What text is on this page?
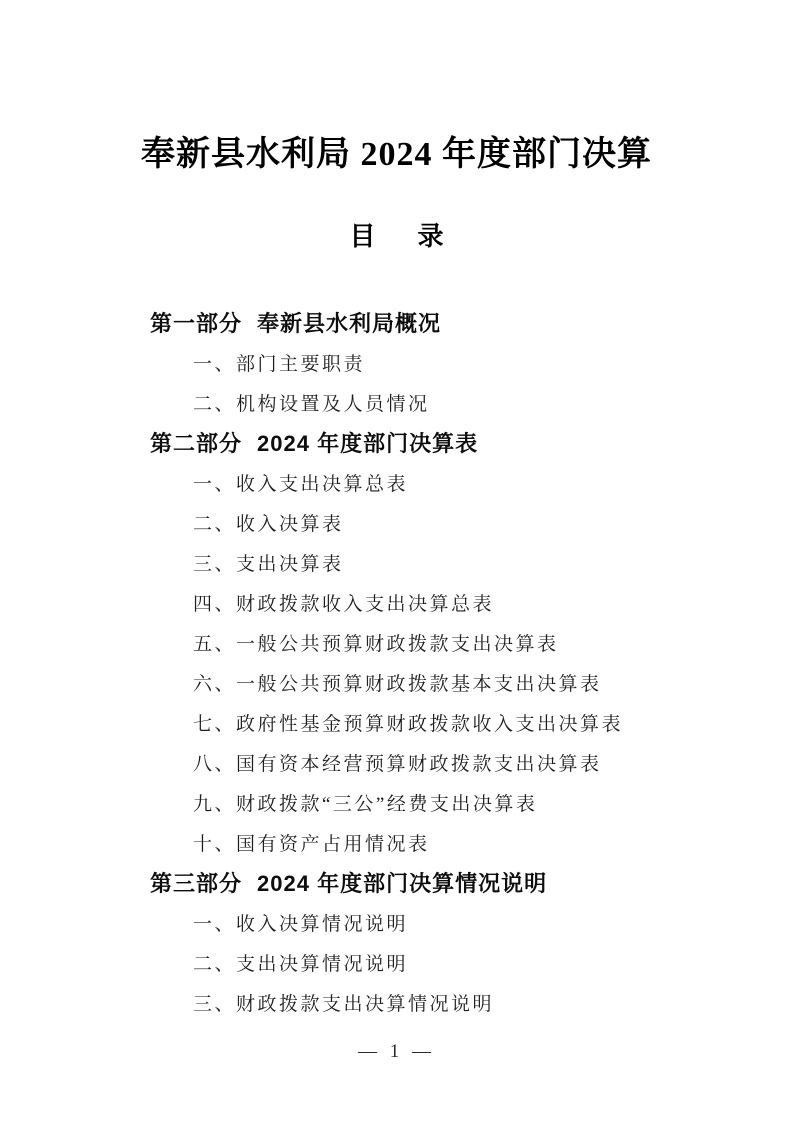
奉新县水利局 2024 年度部门决算
目 录
第一部分 奉新县水利局概况
一、部门主要职责
二、机构设置及人员情况
第二部分 2024 年度部门决算表
一、收入支出决算总表
二、收入决算表
三、支出决算表
四、财政拨款收入支出决算总表
五、一般公共预算财政拨款支出决算表
六、一般公共预算财政拨款基本支出决算表
七、政府性基金预算财政拨款收入支出决算表
八、国有资本经营预算财政拨款支出决算表
九、财政拨款“三公”经费支出决算表
十、国有资产占用情况表
第三部分 2024 年度部门决算情况说明
一、收入决算情况说明
二、支出决算情况说明
三、财政拨款支出决算情况说明
— 1 —
